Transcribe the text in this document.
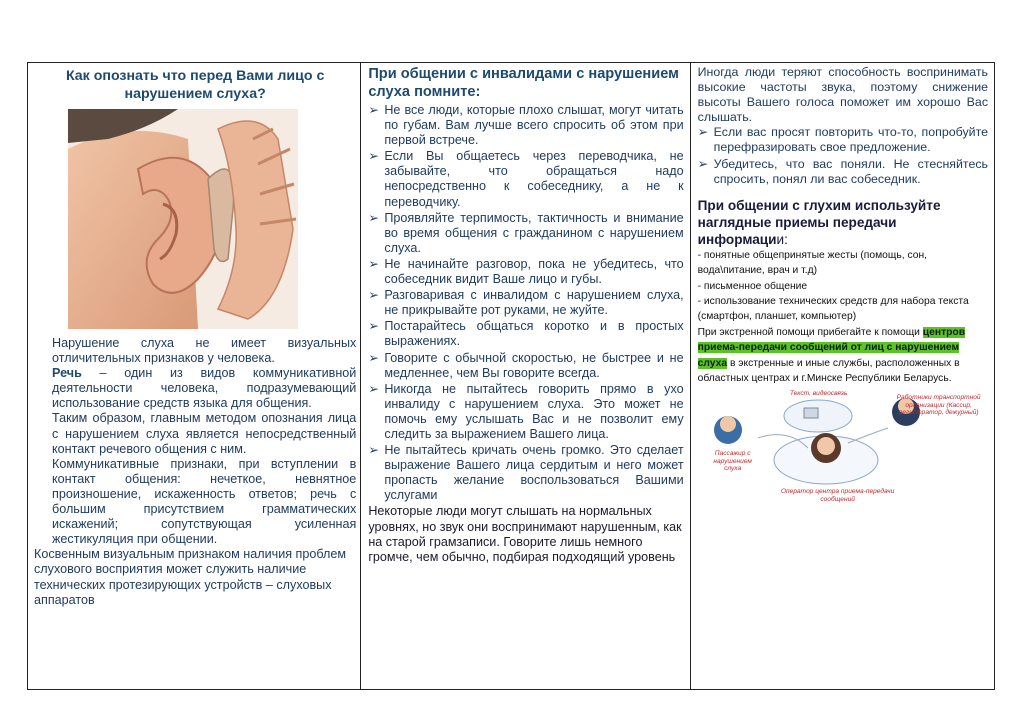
Как опознать что перед Вами лицо с нарушением слуха?

Нарушение слуха не имеет визуальных отличительных признаков у человека.

Речь – один из видов коммуникативной деятельности человека, подразумевающий использование средств языка для общения.

Таким образом, главным методом опознания лица с нарушением слуха является непосредственный контакт речевого общения с ним.

Коммуникативные признаки, при вступлении в контакт общения: нечеткое, невнятное произношение, искаженность ответов; речь с большим присутствием грамматических искажений; сопутствующая усиленная жестикуляция при общении.

Косвенным визуальным признаком наличия проблем слухового восприятия может служить наличие технических протезирующих устройств – слуховых аппаратов

При общении с инвалидами с нарушением слуха помните:
➢ Не все люди, которые плохо слышат, могут читать по губам. Вам лучше всего спросить об этом при первой встрече.
➢ Если Вы общаетесь через переводчика, не забывайте, что обращаться надо непосредственно к собеседнику, а не к переводчику.
➢ Проявляйте терпимость, тактичность и внимание во время общения с гражданином с нарушением слуха.
➢ Не начинайте разговор, пока не убедитесь, что собеседник видит Ваше лицо и губы.
➢ Разговаривая с инвалидом с нарушением слуха, не прикрывайте рот руками, не жуйте.
➢ Постарайтесь общаться коротко и в простых выражениях.
➢ Говорите с обычной скоростью, не быстрее и не медленнее, чем Вы говорите всегда.
➢ Никогда не пытайтесь говорить прямо в ухо инвалиду с нарушением слуха. Это может не помочь ему услышать Вас и не позволит ему следить за выражением Вашего лица.
➢ Не пытайтесь кричать очень громко. Это сделает выражение Вашего лица сердитым и него может пропасть желание воспользоваться Вашими услугами

Некоторые люди могут слышать на нормальных уровнях, но звук они воспринимают нарушенным, как на старой грамзаписи. Говорите лишь немного громче, чем обычно, подбирая подходящий уровень

Иногда люди теряют способность воспринимать высокие частоты звука, поэтому снижение высоты Вашего голоса поможет им хорошо Вас слышать.

➢ Если вас просят повторить что-то, попробуйте перефразировать свое предложение.
➢ Убедитесь, что вас поняли. Не стесняйтесь спросить, понял ли вас собеседник.
При общении с глухим используйте наглядные приемы передачи информации:

- понятные общепринятые жесты (помощь, сон, вода\питание, врач и т.д)

- письменное общение

- использование технических средств для набора текста (смартфон, планшет, компьютер)

При экстренной помощи прибегайте к помощи центров приема-передачи сообщений от лиц с нарушением слуха в экстренные и иные службы, расположенных в областных центрах и г.Минске Республики Беларусь.

Текст, видеосвязь
Работники транспортной организации (Кассир, регистратор, дежурный)
Пассажир с нарушением слуха
Оператор центра приема-передачи сообщений
